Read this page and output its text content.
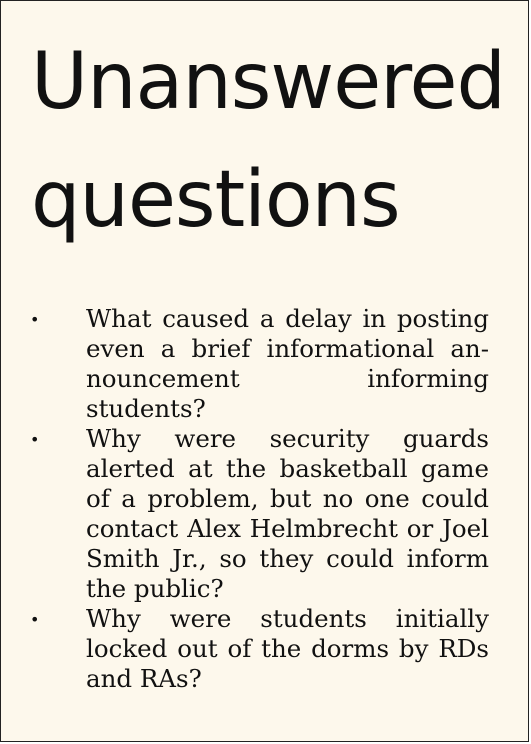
Unanswered
questions
• What caused a delay in posting even a brief informational announcement informing students?
• Why were security guards alerted at the basketball game of a problem, but no one could contact Alex Helmbrecht or Joel Smith Jr., so they could inform the public?
• Why were students initially locked out of the dorms by RDs and RAs?
